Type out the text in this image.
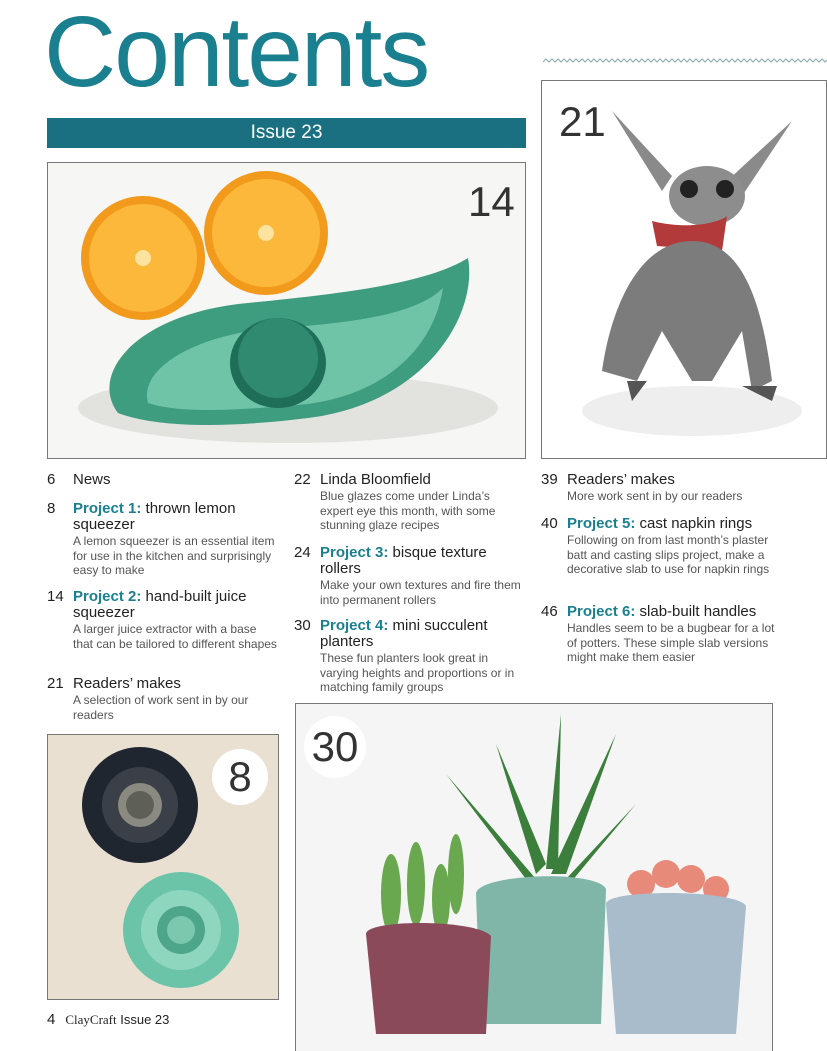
Contents
Issue 23
14
21
8
30
6 News
8 Project 1: thrown lemon squeezer
A lemon squeezer is an essential item for use in the kitchen and surprisingly easy to make
14 Project 2: hand-built juice squeezer
A larger juice extractor with a base that can be tailored to different shapes
21 Readers’ makes
A selection of work sent in by our readers
22 Linda Bloomfield
Blue glazes come under Linda’s expert eye this month, with some stunning glaze recipes
24 Project 3: bisque texture rollers
Make your own textures and fire them into permanent rollers
30 Project 4: mini succulent planters
These fun planters look great in varying heights and proportions or in matching family groups
39 Readers’ makes
More work sent in by our readers
40 Project 5: cast napkin rings
Following on from last month’s plaster batt and casting slips project, make a decorative slab to use for napkin rings
46 Project 6: slab-built handles
Handles seem to be a bugbear for a lot of potters. These simple slab versions might make them easier
4 ClayCraft Issue 23
